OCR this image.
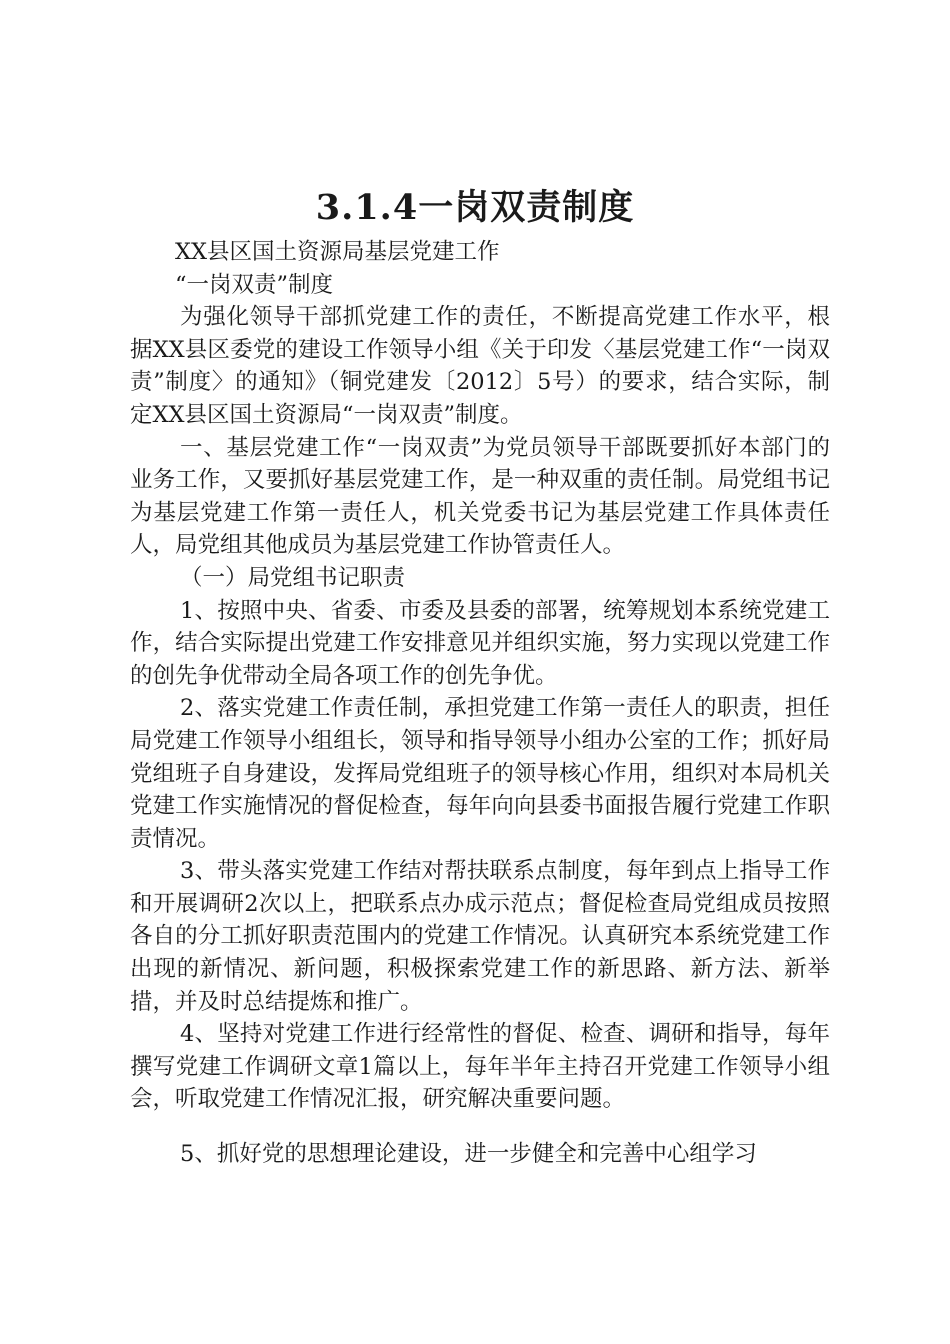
3.1.4一岗双责制度

XX县区国土资源局基层党建工作

“一岗双责”制度

为强化领导干部抓党建工作的责任，不断提高党建工作水平，根据XX县区委党的建设工作领导小组《关于印发〈基层党建工作“一岗双责”制度〉的通知》（铜党建发〔2012〕5号）的要求，结合实际，制定XX县区国土资源局“一岗双责”制度。

一、基层党建工作“一岗双责”为党员领导干部既要抓好本部门的业务工作，又要抓好基层党建工作，是一种双重的责任制。局党组书记为基层党建工作第一责任人，机关党委书记为基层党建工作具体责任人，局党组其他成员为基层党建工作协管责任人。

（一）局党组书记职责

1、按照中央、省委、市委及县委的部署，统筹规划本系统党建工作，结合实际提出党建工作安排意见并组织实施，努力实现以党建工作的创先争优带动全局各项工作的创先争优。

2、落实党建工作责任制，承担党建工作第一责任人的职责，担任局党建工作领导小组组长，领导和指导领导小组办公室的工作；抓好局党组班子自身建设，发挥局党组班子的领导核心作用，组织对本局机关党建工作实施情况的督促检查，每年向向县委书面报告履行党建工作职责情况。

3、带头落实党建工作结对帮扶联系点制度，每年到点上指导工作和开展调研2次以上，把联系点办成示范点；督促检查局党组成员按照各自的分工抓好职责范围内的党建工作情况。认真研究本系统党建工作出现的新情况、新问题，积极探索党建工作的新思路、新方法、新举措，并及时总结提炼和推广。

4、坚持对党建工作进行经常性的督促、检查、调研和指导，每年撰写党建工作调研文章1篇以上，每年半年主持召开党建工作领导小组会，听取党建工作情况汇报，研究解决重要问题。

5、抓好党的思想理论建设，进一步健全和完善中心组学习
